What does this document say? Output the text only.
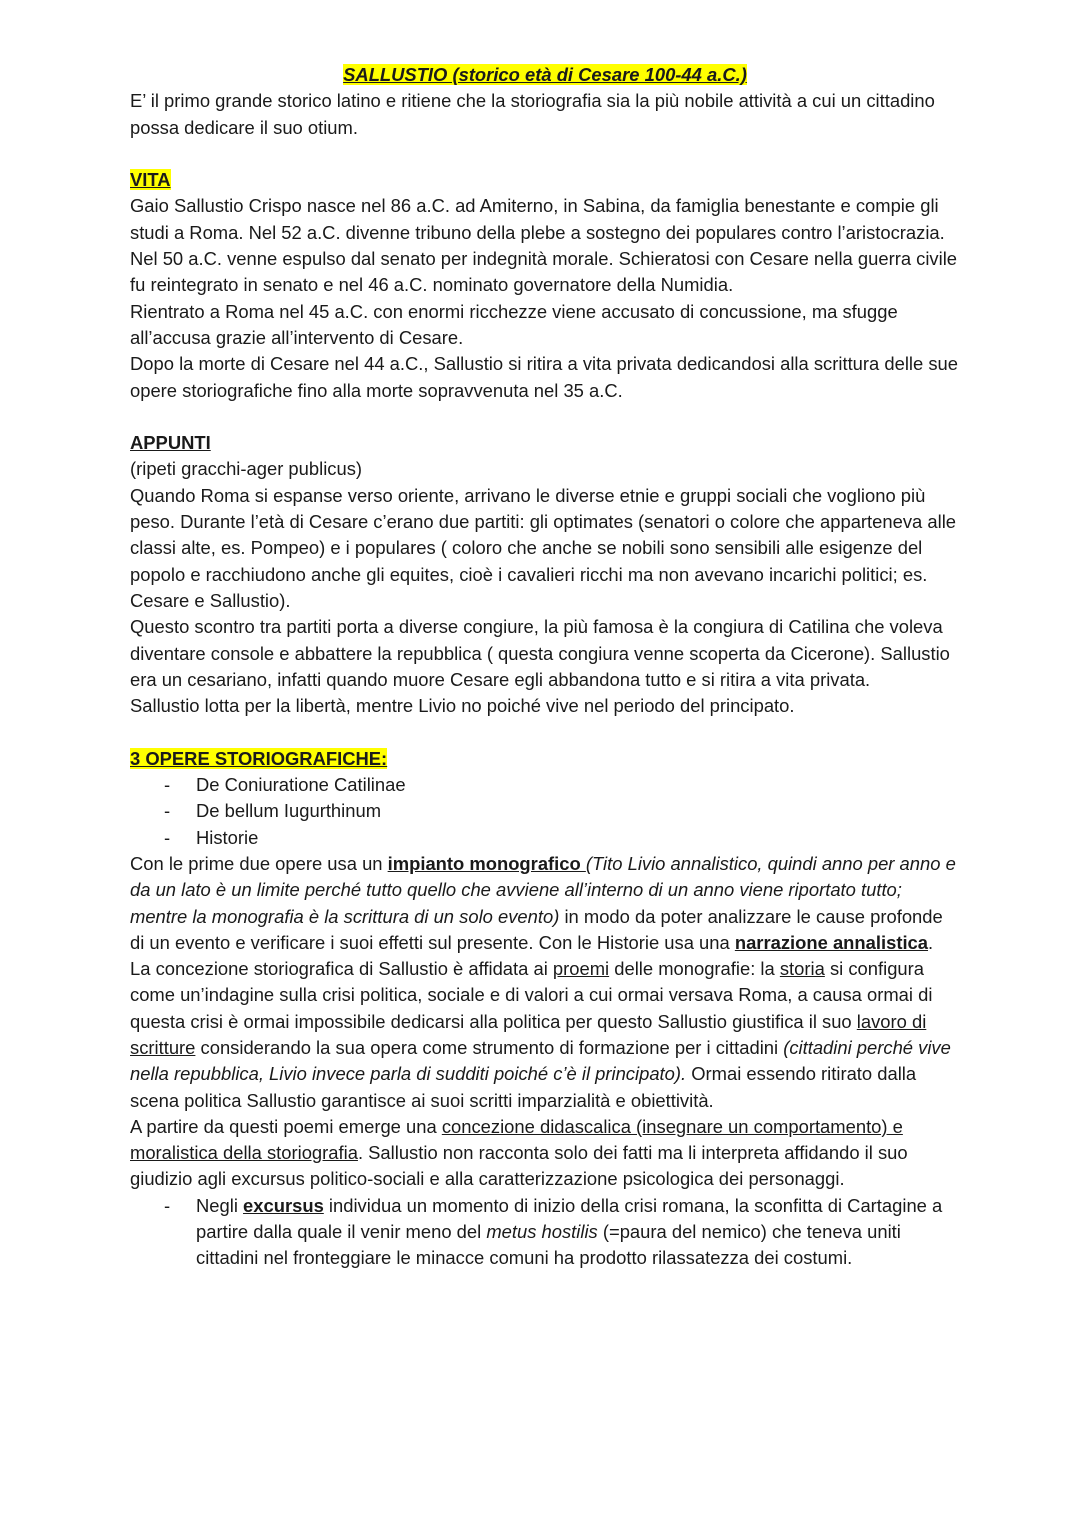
SALLUSTIO (storico età di Cesare 100-44 a.C.)

E’ il primo grande storico latino e ritiene che la storiografia sia la più nobile attività a cui un cittadino possa dedicare il suo otium.

VITA

Gaio Sallustio Crispo nasce nel 86 a.C. ad Amiterno, in Sabina, da famiglia benestante e compie gli studi a Roma. Nel 52 a.C. divenne tribuno della plebe a sostegno dei populares contro l’aristocrazia.

Nel 50 a.C. venne espulso dal senato per indegnità morale. Schieratosi con Cesare nella guerra civile fu reintegrato in senato e nel 46 a.C. nominato governatore della Numidia.

Rientrato a Roma nel 45 a.C. con enormi ricchezze viene accusato di concussione, ma sfugge all’accusa grazie all’intervento di Cesare.

Dopo la morte di Cesare nel 44 a.C., Sallustio si ritira a vita privata dedicandosi alla scrittura delle sue opere storiografiche fino alla morte sopravvenuta nel 35 a.C.

APPUNTI

(ripeti gracchi-ager publicus)

Quando Roma si espanse verso oriente, arrivano le diverse etnie e gruppi sociali che vogliono più peso. Durante l’età di Cesare c’erano due partiti: gli optimates (senatori o colore che apparteneva alle classi alte, es. Pompeo) e i populares ( coloro che anche se nobili sono sensibili alle esigenze del popolo e racchiudono anche gli equites, cioè i cavalieri ricchi ma non avevano incarichi politici; es. Cesare e Sallustio).

Questo scontro tra partiti porta a diverse congiure, la più famosa è la congiura di Catilina che voleva diventare console e abbattere la repubblica ( questa congiura venne scoperta da Cicerone). Sallustio era un cesariano, infatti quando muore Cesare egli abbandona tutto e si ritira a vita privata.

Sallustio lotta per la libertà, mentre Livio no poiché vive nel periodo del principato.

3 OPERE STORIOGRAFICHE:

- De Coniuratione Catilinae
- De bellum Iugurthinum
- Historie

Con le prime due opere usa un impianto monografico (Tito Livio annalistico, quindi anno per anno e da un lato è un limite perché tutto quello che avviene all’interno di un anno viene riportato tutto; mentre la monografia è la scrittura di un solo evento) in modo da poter analizzare le cause profonde di un evento e verificare i suoi effetti sul presente. Con le Historie usa una narrazione annalistica.

La concezione storiografica di Sallustio è affidata ai proemi delle monografie: la storia si configura come un’indagine sulla crisi politica, sociale e di valori a cui ormai versava Roma, a causa ormai di questa crisi è ormai impossibile dedicarsi alla politica per questo Sallustio giustifica il suo lavoro di scritture considerando la sua opera come strumento di formazione per i cittadini (cittadini perché vive nella repubblica, Livio invece parla di sudditi poiché c’è il principato). Ormai essendo ritirato dalla scena politica Sallustio garantisce ai suoi scritti imparzialità e obiettività.

A partire da questi poemi emerge una concezione didascalica (insegnare un comportamento) e moralistica della storiografia. Sallustio non racconta solo dei fatti ma li interpreta affidando il suo giudizio agli excursus politico-sociali e alla caratterizzazione psicologica dei personaggi.

- Negli excursus individua un momento di inizio della crisi romana, la sconfitta di Cartagine a partire dalla quale il venir meno del metus hostilis (=paura del nemico) che teneva uniti cittadini nel fronteggiare le minacce comuni ha prodotto rilassatezza dei costumi.
